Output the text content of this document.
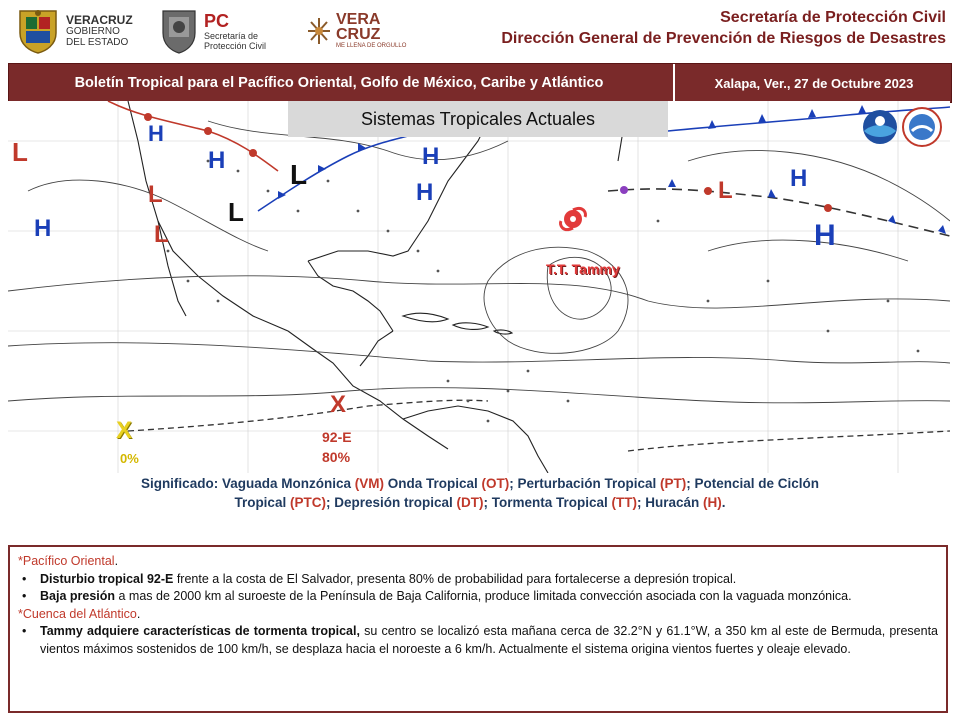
VERACRUZ
GOBIERNO
DEL ESTADO
PC
Secretaría de
Protección Civil
VERA
CRUZ
ME LLENA DE ORGULLO
Secretaría de Protección Civil
Dirección General de Prevención de Riesgos de Desastres
Boletín Tropical para el Pacífico Oriental, Golfo de México, Caribe y Atlántico	Xalapa, Ver., 27 de Octubre 2023
T.T. Tammy
H
H
H
H
H
H
H
L
L
L
L
L
L
X
92-E
80%
X
0%
Sistemas Tropicales Actuales
Significado: Vaguada Monzónica (VM) Onda Tropical (OT); Perturbación Tropical (PT); Potencial de Ciclón
Tropical (PTC); Depresión tropical (DT); Tormenta Tropical (TT); Huracán (H).
*Pacífico Oriental.
• Disturbio tropical 92-E frente a la costa de El Salvador, presenta 80% de probabilidad para fortalecerse a depresión tropical.
• Baja presión a mas de 2000 km al suroeste de la Península de Baja California, produce limitada convección asociada con la vaguada monzónica.
*Cuenca del Atlántico.
• Tammy adquiere características de tormenta tropical, su centro se localizó esta mañana cerca de 32.2°N y 61.1°W, a 350 km al este de Bermuda, presenta vientos máximos sostenidos de 100 km/h, se desplaza hacia el noroeste a 6 km/h. Actualmente el sistema origina vientos fuertes y oleaje elevado.
